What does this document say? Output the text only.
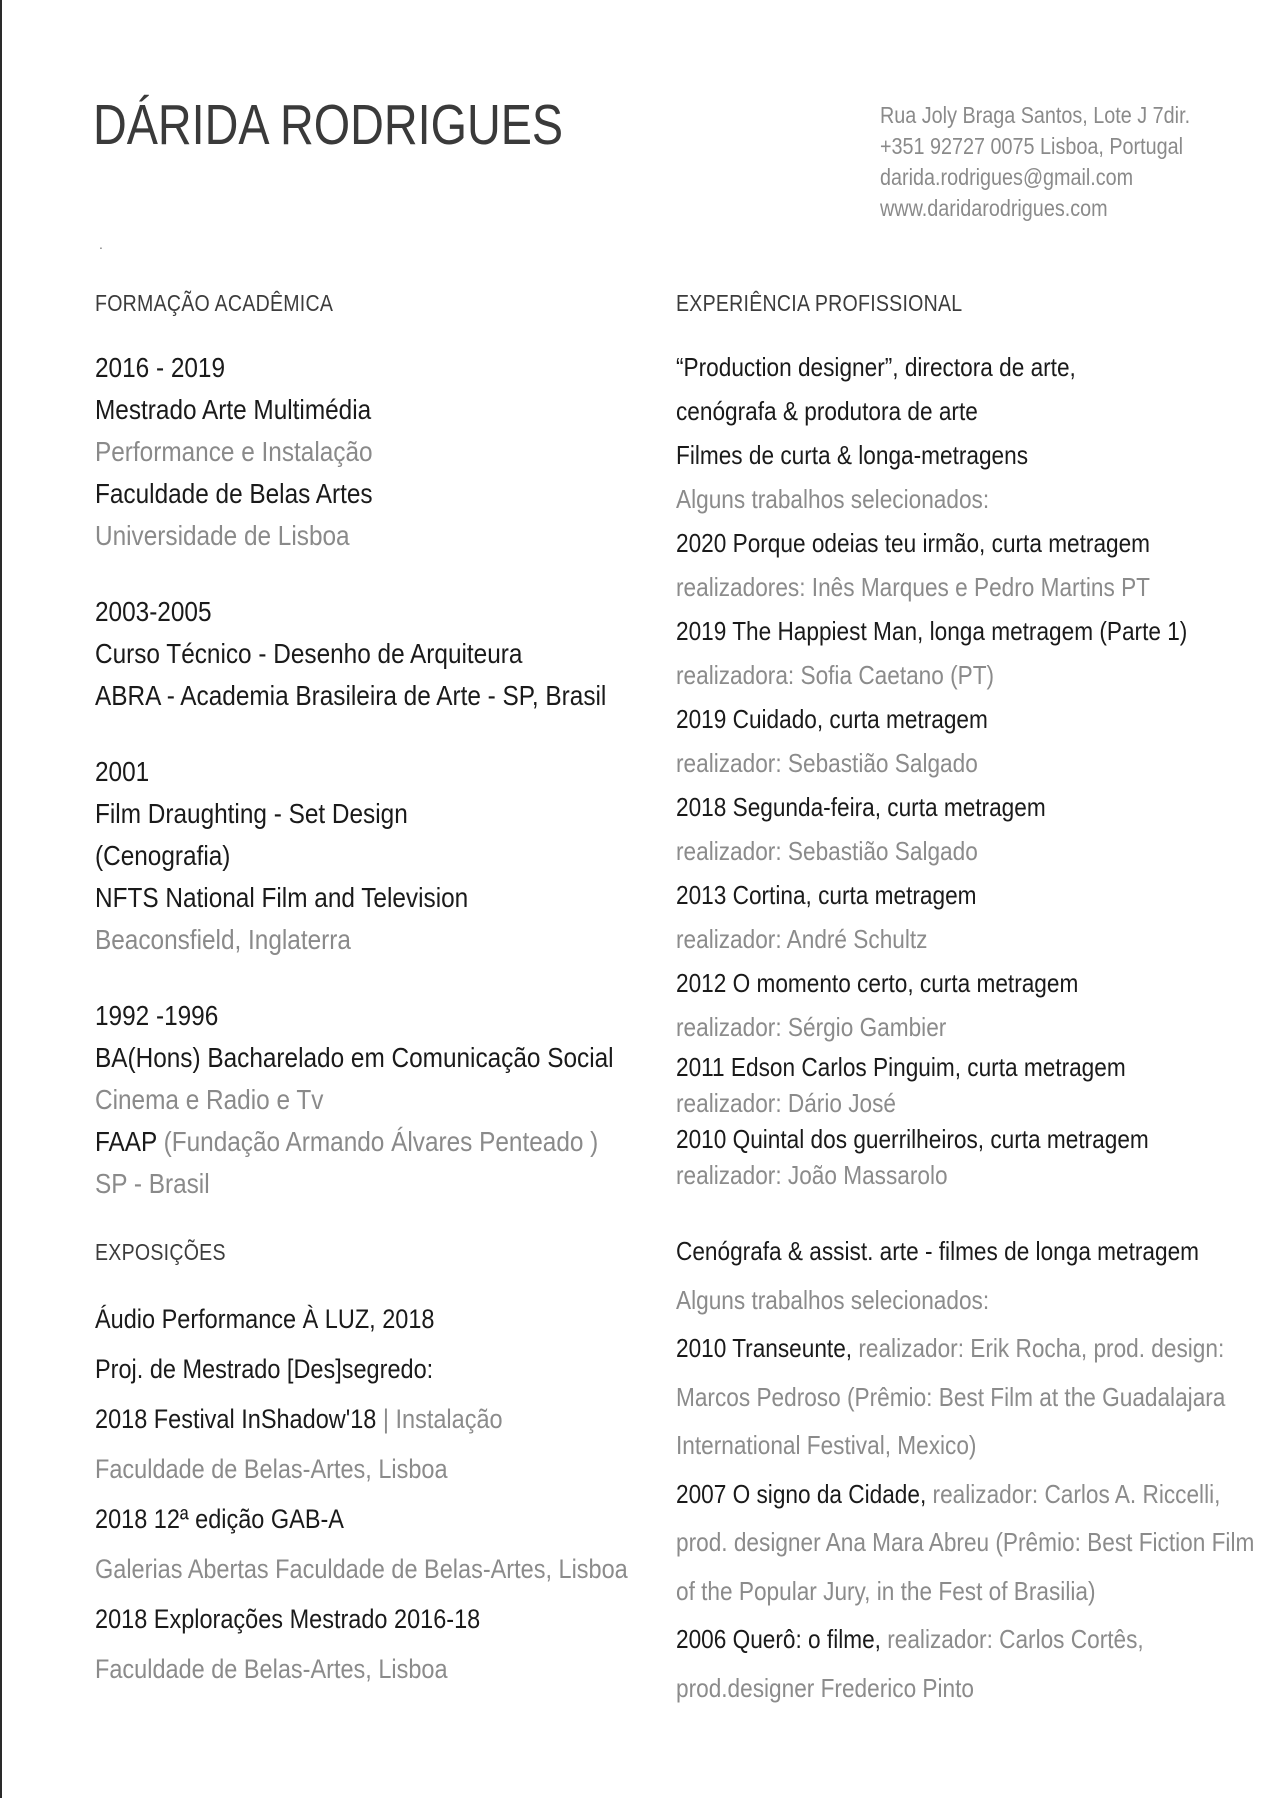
DÁRIDA RODRIGUES	Rua Joly Braga Santos, Lote J 7dir.
+351 92727 0075 Lisboa, Portugal
darida.rodrigues@gmail.com
www.daridarodrigues.com
.
FORMAÇÃO ACADÊMICA
2016 - 2019
Mestrado Arte Multimédia
Performance e Instalação
Faculdade de Belas Artes
Universidade de Lisboa
2003-2005
Curso Técnico - Desenho de Arquiteura
ABRA - Academia Brasileira de Arte - SP, Brasil
2001
Film Draughting - Set Design
(Cenografia)
NFTS National Film and Television
Beaconsfield, Inglaterra
1992 -1996
BA(Hons) Bacharelado em Comunicação Social
Cinema e Radio e Tv
FAAP (Fundação Armando Álvares Penteado )
SP - Brasil
EXPOSIÇÕES
Áudio Performance À LUZ, 2018
Proj. de Mestrado [Des]segredo:
2018 Festival InShadow'18 | Instalação
Faculdade de Belas-Artes, Lisboa
2018 12ª edição GAB-A
Galerias Abertas Faculdade de Belas-Artes, Lisboa
2018 Explorações Mestrado 2016-18
Faculdade de Belas-Artes, Lisboa
EXPERIÊNCIA PROFISSIONAL
“Production designer”, directora de arte,
cenógrafa & produtora de arte
Filmes de curta & longa-metragens
Alguns trabalhos selecionados:
2020 Porque odeias teu irmão, curta metragem
realizadores: Inês Marques e Pedro Martins PT
2019 The Happiest Man, longa metragem (Parte 1)
realizadora: Sofia Caetano (PT)
2019 Cuidado, curta metragem
realizador: Sebastião Salgado
2018 Segunda-feira, curta metragem
realizador: Sebastião Salgado
2013 Cortina, curta metragem
realizador: André Schultz
2012 O momento certo, curta metragem
realizador: Sérgio Gambier
2011 Edson Carlos Pinguim, curta metragem
realizador: Dário José
2010 Quintal dos guerrilheiros, curta metragem
realizador: João Massarolo
Cenógrafa & assist. arte - filmes de longa metragem
Alguns trabalhos selecionados:
2010 Transeunte, realizador: Erik Rocha, prod. design:
Marcos Pedroso (Prêmio: Best Film at the Guadalajara
International Festival, Mexico)
2007 O signo da Cidade, realizador: Carlos A. Riccelli,
prod. designer Ana Mara Abreu (Prêmio: Best Fiction Film
of the Popular Jury, in the Fest of Brasilia)
2006 Querô: o filme, realizador: Carlos Cortês,
prod.designer Frederico Pinto
